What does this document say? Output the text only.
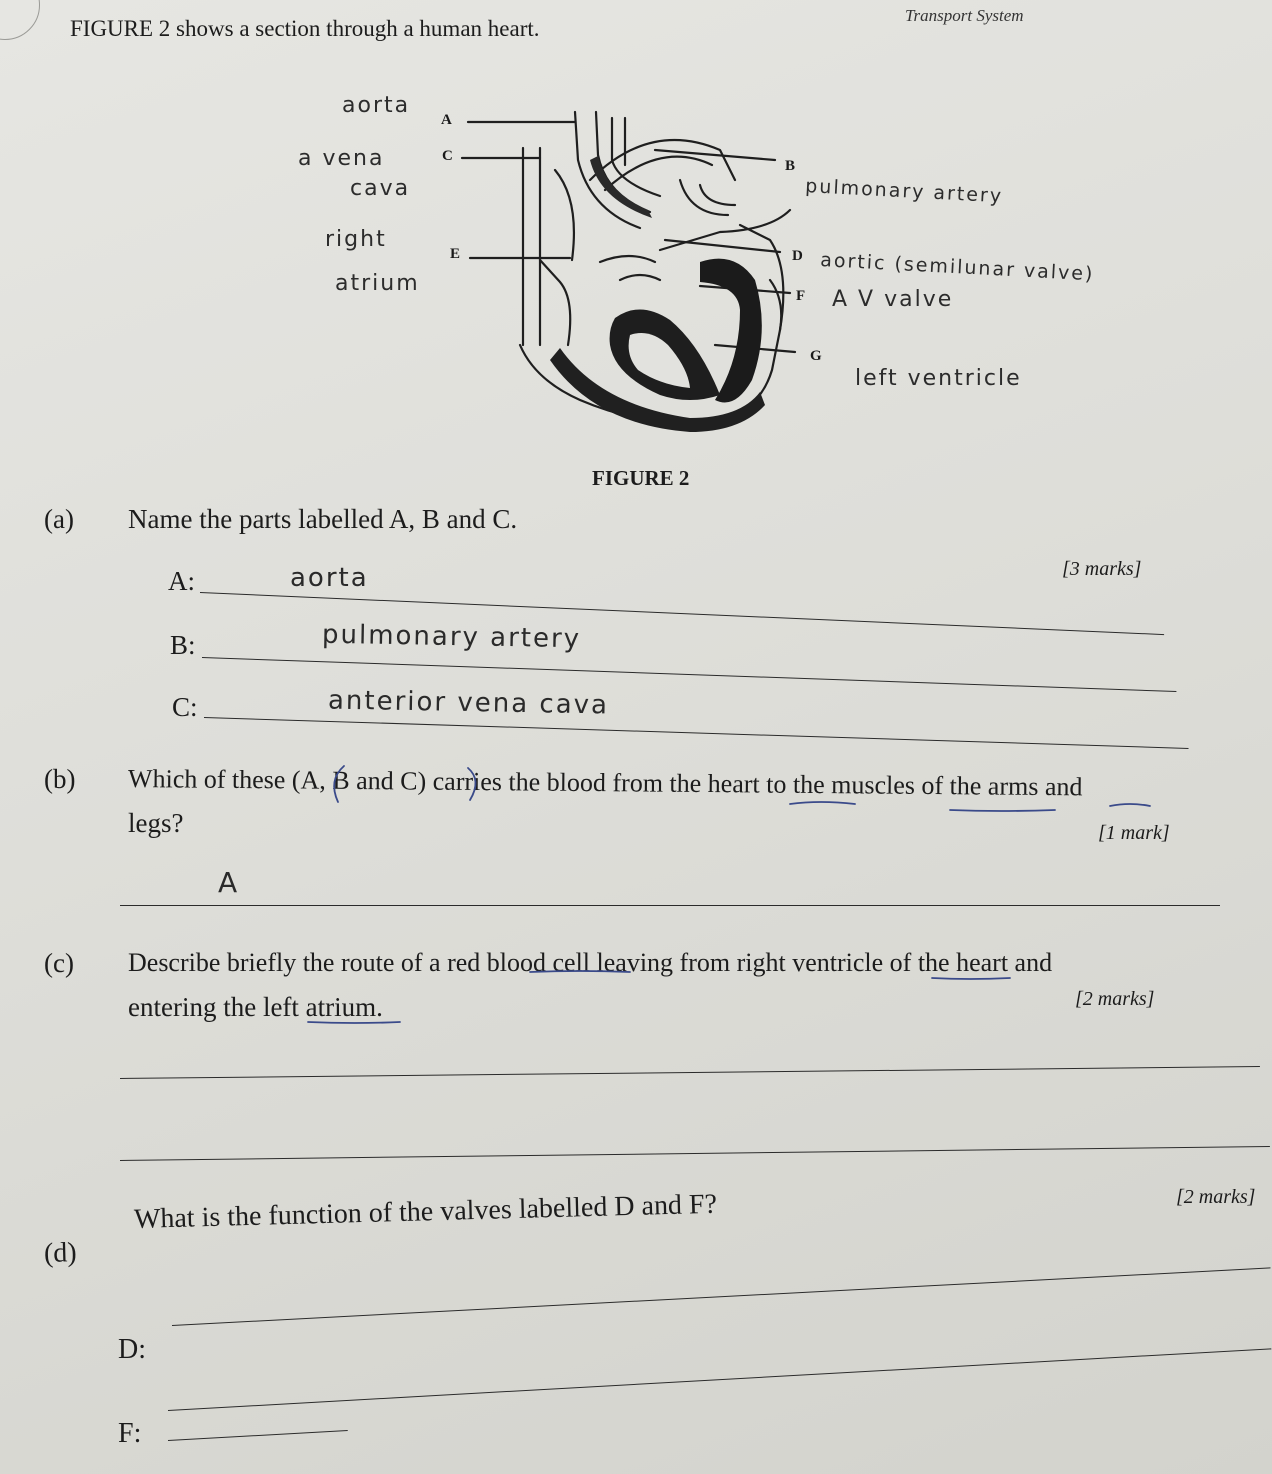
Transport System
FIGURE 2 shows a section through a human heart.
A
C
B
E	D
F
G
aorta
a vena
cava
right
atrium
pulmonary artery
aortic (semilunar valve)
A V valve
left ventricle
FIGURE 2
(a) Name the parts labelled A, B and C.
[3 marks]
A:	aorta
B:	pulmonary artery
C:	anterior vena cava
(b) Which of these (A, B and C) carries the blood from the heart to the muscles of the arms and
legs?	[1 mark]
A
(c) Describe briefly the route of a red blood cell leaving from right ventricle of the heart and
entering the left atrium.	[2 marks]
[2 marks]
(d)
What is the function of the valves labelled D and F?
D:
F:
